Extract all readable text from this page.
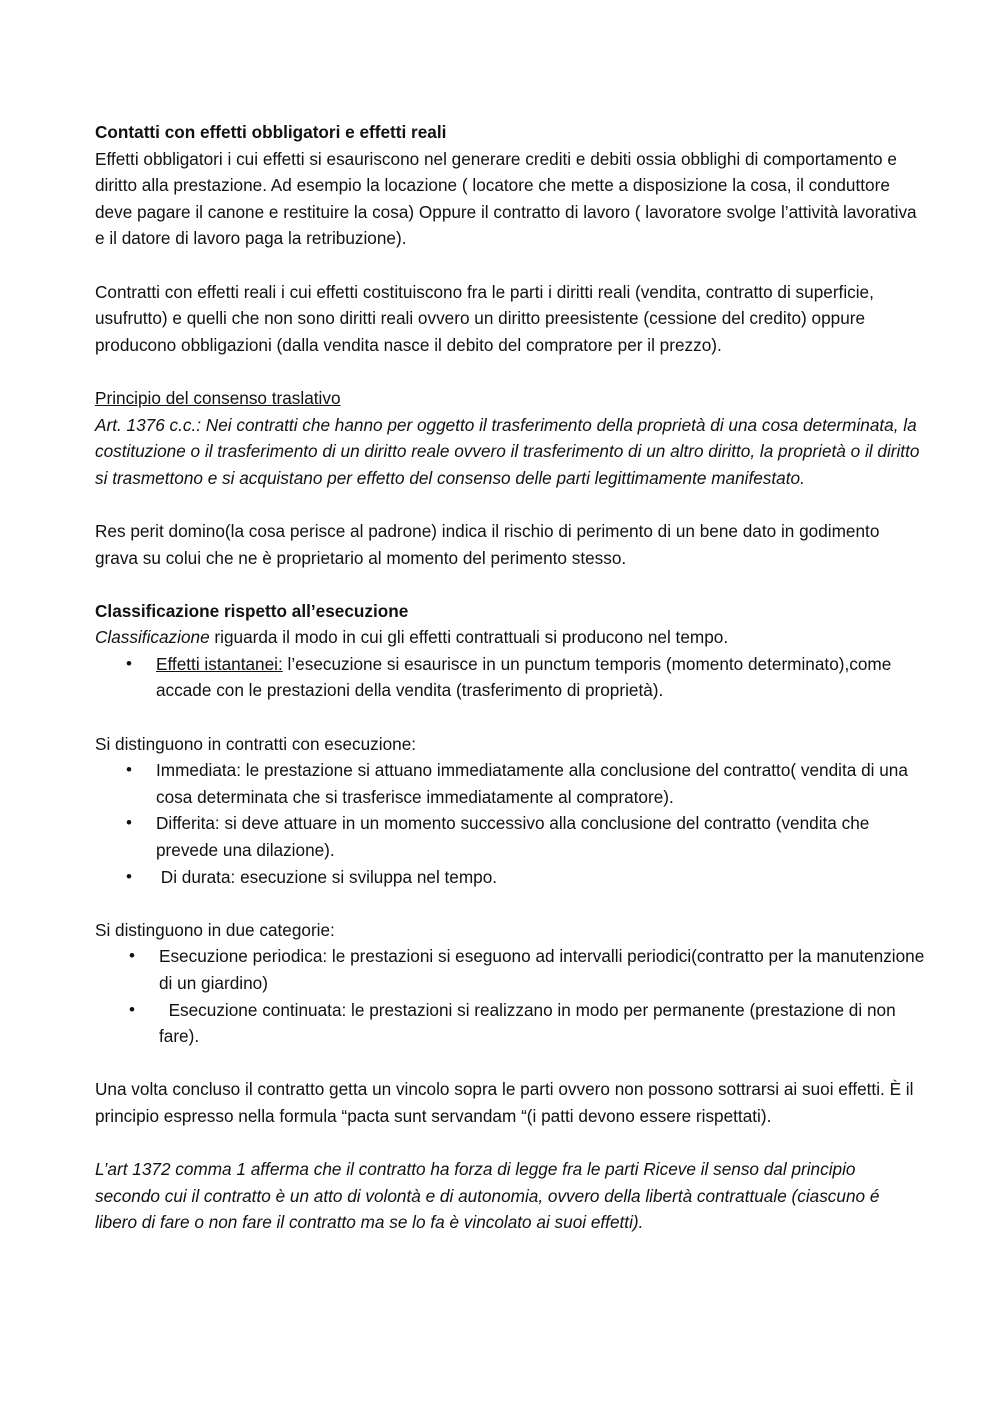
Contatti con effetti obbligatori e effetti reali

Effetti obbligatori i cui effetti si esauriscono nel generare crediti e debiti ossia obblighi di comportamento e diritto alla prestazione. Ad esempio la locazione ( locatore che mette a disposizione la cosa, il conduttore deve pagare il canone e restituire la cosa) Oppure il contratto di lavoro ( lavoratore svolge l’attività lavorativa e il datore di lavoro paga la retribuzione).

Contratti con effetti reali i cui effetti costituiscono fra le parti i diritti reali (vendita, contratto di superficie, usufrutto) e quelli che non sono diritti reali ovvero un diritto preesistente (cessione del credito) oppure producono obbligazioni (dalla vendita nasce il debito del compratore per il prezzo).

Principio del consenso traslativo

Art. 1376 c.c.: Nei contratti che hanno per oggetto il trasferimento della proprietà di una cosa determinata, la costituzione o il trasferimento di un diritto reale ovvero il trasferimento di un altro diritto, la proprietà o il diritto si trasmettono e si acquistano per effetto del consenso delle parti legittimamente manifestato.

Res perit domino(la cosa perisce al padrone) indica il rischio di perimento di un bene dato in godimento grava su colui che ne è proprietario al momento del perimento stesso.

Classificazione rispetto all’esecuzione

Classificazione riguarda il modo in cui gli effetti contrattuali si producono nel tempo.

• Effetti istantanei: l’esecuzione si esaurisce in un punctum temporis (momento determinato),come accade con le prestazioni della vendita (trasferimento di proprietà).

Si distinguono in contratti con esecuzione:

• Immediata: le prestazione si attuano immediatamente alla conclusione del contratto( vendita di una cosa determinata che si trasferisce immediatamente al compratore).
• Differita: si deve attuare in un momento successivo alla conclusione del contratto (vendita che prevede una dilazione).
•  Di durata: esecuzione si sviluppa nel tempo.

Si distinguono in due categorie:

• Esecuzione periodica: le prestazioni si eseguono ad intervalli periodici(contratto per la manutenzione di un giardino)
•   Esecuzione continuata: le prestazioni si realizzano in modo per permanente (prestazione di non fare).

Una volta concluso il contratto getta un vincolo sopra le parti ovvero non possono sottrarsi ai suoi effetti. È il principio espresso nella formula “pacta sunt servandam “(i patti devono essere rispettati).

L’art 1372 comma 1 afferma che il contratto ha forza di legge fra le parti Riceve il senso dal principio secondo cui il contratto è un atto di volontà e di autonomia, ovvero della libertà contrattuale (ciascuno é libero di fare o non fare il contratto ma se lo fa è vincolato ai suoi effetti).
